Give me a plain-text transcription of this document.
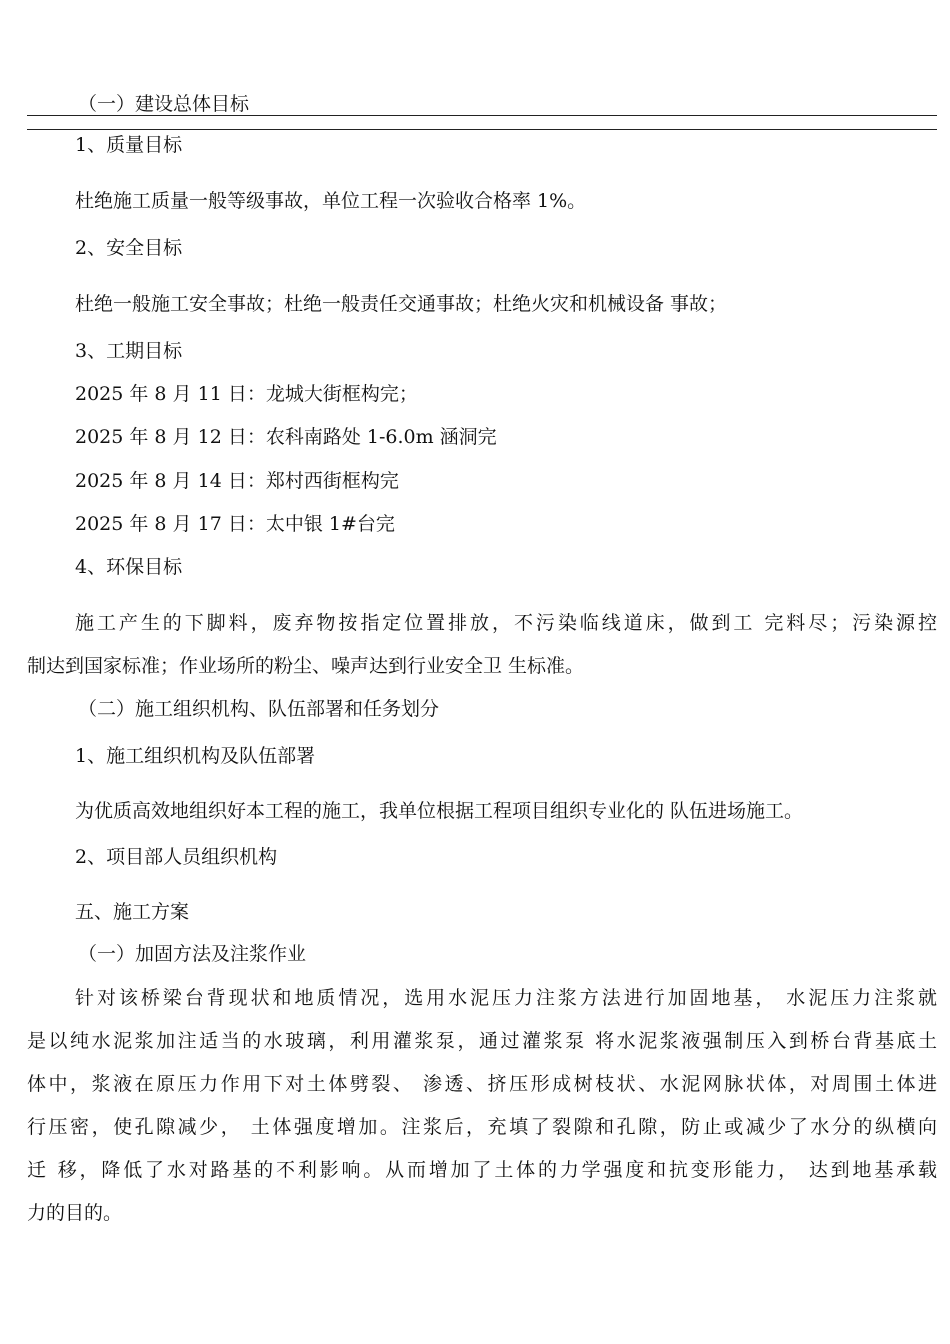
（一）建设总体目标
1、质量目标
杜绝施工质量一般等级事故，单位工程一次验收合格率 1%。
2、安全目标
杜绝一般施工安全事故；杜绝一般责任交通事故；杜绝火灾和机械设备 事故；
3、工期目标
2025 年 8 月 11 日：龙城大街框构完；
2025 年 8 月 12 日：农科南路处 1-6.0m 涵洞完
2025 年 8 月 14 日：郑村西街框构完
2025 年 8 月 17 日：太中银 1#台完
4、环保目标
施工产生的下脚料，废弃物按指定位置排放，不污染临线道床，做到工 完料尽；污染源控
制达到国家标准；作业场所的粉尘、噪声达到行业安全卫 生标准。
（二）施工组织机构、队伍部署和任务划分
1、施工组织机构及队伍部署
为优质高效地组织好本工程的施工，我单位根据工程项目组织专业化的 队伍进场施工。
2、项目部人员组织机构
五、施工方案
（一）加固方法及注浆作业
针对该桥梁台背现状和地质情况，选用水泥压力注浆方法进行加固地基， 水泥压力注浆就
是以纯水泥浆加注适当的水玻璃，利用灌浆泵，通过灌浆泵 将水泥浆液强制压入到桥台背基底土
体中，浆液在原压力作用下对土体劈裂、 渗透、挤压形成树枝状、水泥网脉状体，对周围土体进
行压密，使孔隙减少， 土体强度增加。注浆后，充填了裂隙和孔隙，防止或减少了水分的纵横向
迁 移，降低了水对路基的不利影响。从而增加了土体的力学强度和抗变形能力， 达到地基承载
力的目的。
